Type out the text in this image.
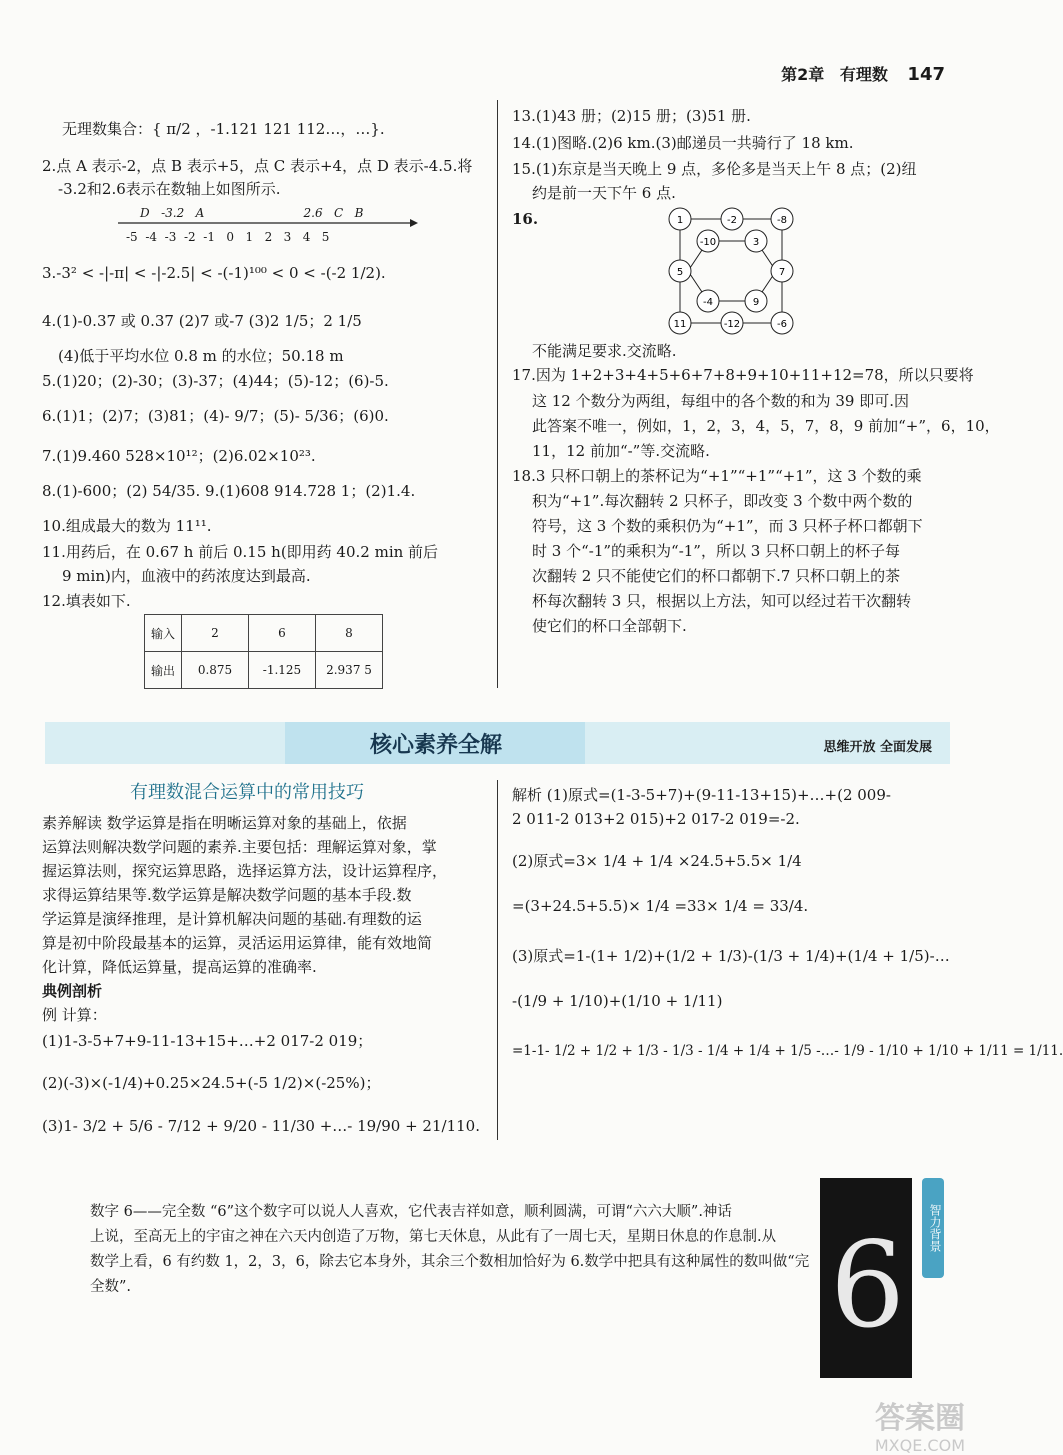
第2章 有理数 147
无理数集合：{ π/2 ，-1.121 121 112…，…}.
2.点 A 表示-2，点 B 表示+5，点 C 表示+4，点 D 表示-4.5.将
-3.2和2.6表示在数轴上如图所示.
D   -3.2   A                          2.6   C   B
-5  -4  -3  -2  -1   0   1   2   3   4   5
3.-3² < -|-π| < -|-2.5| < -(-1)¹⁰⁰ < 0 < -(-2 1/2).
4.(1)-0.37 或 0.37 (2)7 或-7 (3)2 1/5；2 1/5
(4)低于平均水位 0.8 m 的水位；50.18 m
5.(1)20；(2)-30；(3)-37；(4)44；(5)-12；(6)-5.
6.(1)1；(2)7；(3)81；(4)- 9/7；(5)- 5/36；(6)0.
7.(1)9.460 528×10¹²；(2)6.02×10²³.
8.(1)-600；(2) 54/35. 9.(1)608 914.728 1；(2)1.4.
10.组成最大的数为 11¹¹.
11.用药后，在 0.67 h 前后 0.15 h(即用药 40.2 min 前后
9 min)内，血液中的药浓度达到最高.
12.填表如下.
输入	2	6	8
输出	0.875	-1.125	2.937 5
13.(1)43 册；(2)15 册；(3)51 册.
14.(1)图略.(2)6 km.(3)邮递员一共骑行了 18 km.
15.(1)东京是当天晚上 9 点，多伦多是当天上午 8 点；(2)纽
约是前一天下午 6 点.
16.	1	-2	-8
-10	3
5	7
-4	9
11	-12	-6
不能满足要求.交流略.
17.因为 1+2+3+4+5+6+7+8+9+10+11+12=78，所以只要将
这 12 个数分为两组，每组中的各个数的和为 39 即可.因
此答案不唯一，例如，1，2，3，4，5，7，8，9 前加“+”，6，10，
11，12 前加“-”等.交流略.
18.3 只杯口朝上的茶杯记为“+1”“+1”“+1”，这 3 个数的乘
积为“+1”.每次翻转 2 只杯子，即改变 3 个数中两个数的
符号，这 3 个数的乘积仍为“+1”，而 3 只杯子杯口都朝下
时 3 个“-1”的乘积为“-1”，所以 3 只杯口朝上的杯子每
次翻转 2 只不能使它们的杯口都朝下.7 只杯口朝上的茶
杯每次翻转 3 只，根据以上方法，知可以经过若干次翻转
使它们的杯口全部朝下.
核心素养全解	思维开放 全面发展
有理数混合运算中的常用技巧
素养解读 数学运算是指在明晰运算对象的基础上，依据
运算法则解决数学问题的素养.主要包括：理解运算对象，掌
握运算法则，探究运算思路，选择运算方法，设计运算程序，
求得运算结果等.数学运算是解决数学问题的基本手段.数
学运算是演绎推理，是计算机解决问题的基础.有理数的运
算是初中阶段最基本的运算，灵活运用运算律，能有效地简
化计算，降低运算量，提高运算的准确率.
典例剖析
例 计算：
(1)1-3-5+7+9-11-13+15+…+2 017-2 019；
(2)(-3)×(-1/4)+0.25×24.5+(-5 1/2)×(-25%)；
(3)1- 3/2 + 5/6 - 7/12 + 9/20 - 11/30 +…- 19/90 + 21/110.
解析 (1)原式=(1-3-5+7)+(9-11-13+15)+…+(2 009-
2 011-2 013+2 015)+2 017-2 019=-2.
(2)原式=3× 1/4 + 1/4 ×24.5+5.5× 1/4
=(3+24.5+5.5)× 1/4 =33× 1/4 = 33/4.
(3)原式=1-(1+ 1/2)+(1/2 + 1/3)-(1/3 + 1/4)+(1/4 + 1/5)-…
-(1/9 + 1/10)+(1/10 + 1/11)
=1-1- 1/2 + 1/2 + 1/3 - 1/3 - 1/4 + 1/4 + 1/5 -…- 1/9 - 1/10 + 1/10 + 1/11 = 1/11.
数字 6——完全数 “6”这个数字可以说人人喜欢，它代表吉祥如意，顺利圆满，可谓“六六大顺”.神话
上说，至高无上的宇宙之神在六天内创造了万物，第七天休息，从此有了一周七天，星期日休息的作息制.从
数学上看，6 有约数 1，2，3，6，除去它本身外，其余三个数相加恰好为 6.数学中把具有这种属性的数叫做“完
全数”.	6	智力背景
答案圈
MXQE.COM
